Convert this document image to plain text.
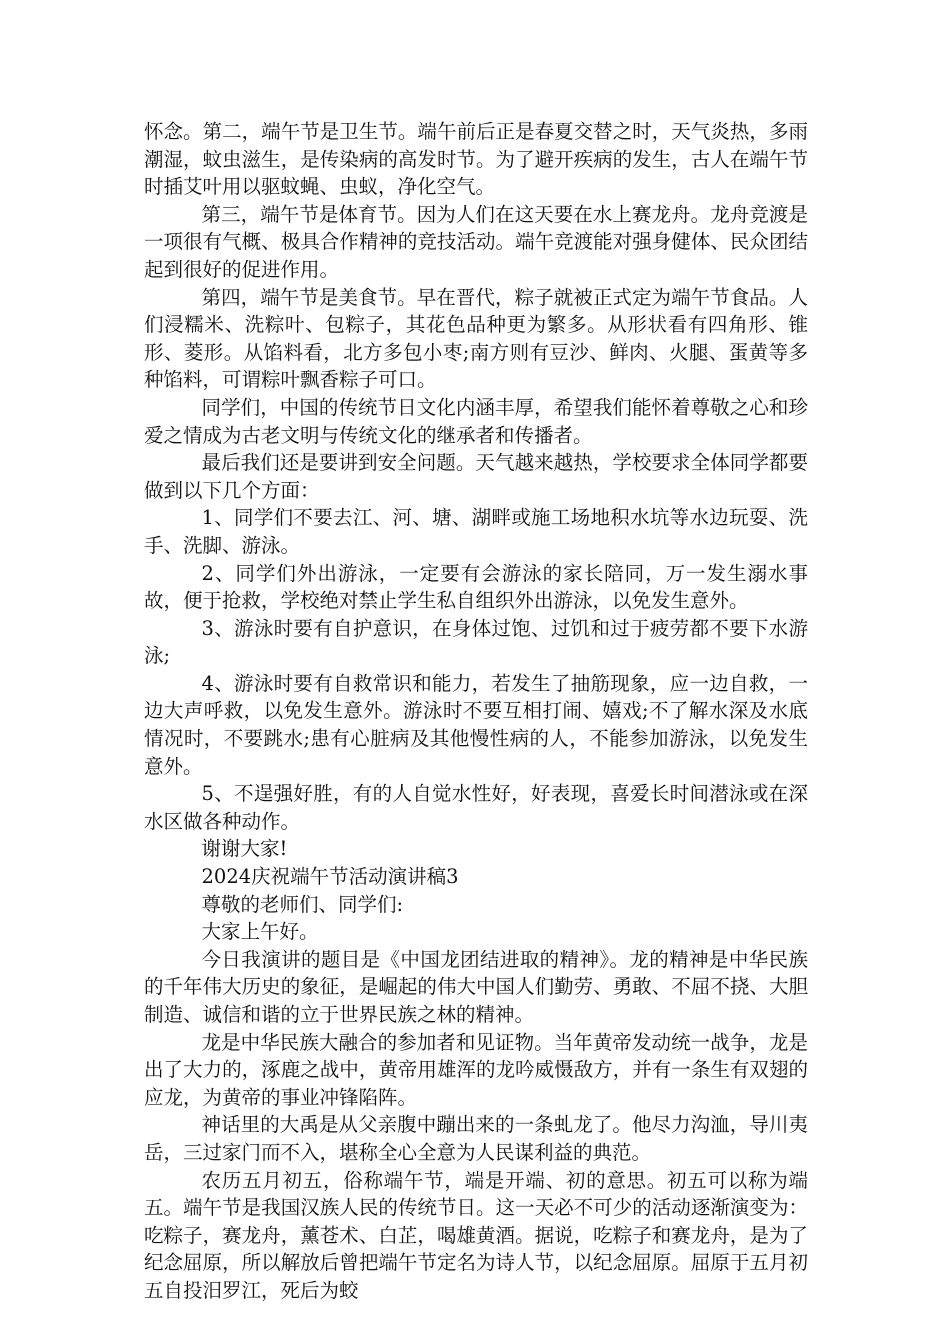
怀念。第二，端午节是卫生节。端午前后正是春夏交替之时，天气炎热，多雨潮湿，蚊虫滋生，是传染病的高发时节。为了避开疾病的发生，古人在端午节时插艾叶用以驱蚊蝇、虫蚁，净化空气。

第三，端午节是体育节。因为人们在这天要在水上赛龙舟。龙舟竞渡是一项很有气概、极具合作精神的竞技活动。端午竞渡能对强身健体、民众团结起到很好的促进作用。

第四，端午节是美食节。早在晋代，粽子就被正式定为端午节食品。人们浸糯米、洗粽叶、包粽子，其花色品种更为繁多。从形状看有四角形、锥形、菱形。从馅料看，北方多包小枣;南方则有豆沙、鲜肉、火腿、蛋黄等多种馅料，可谓粽叶飘香粽子可口。

同学们，中国的传统节日文化内涵丰厚，希望我们能怀着尊敬之心和珍爱之情成为古老文明与传统文化的继承者和传播者。

最后我们还是要讲到安全问题。天气越来越热，学校要求全体同学都要做到以下几个方面：

1、同学们不要去江、河、塘、湖畔或施工场地积水坑等水边玩耍、洗手、洗脚、游泳。

2、同学们外出游泳，一定要有会游泳的家长陪同，万一发生溺水事故，便于抢救，学校绝对禁止学生私自组织外出游泳，以免发生意外。

3、游泳时要有自护意识，在身体过饱、过饥和过于疲劳都不要下水游泳;

4、游泳时要有自救常识和能力，若发生了抽筋现象，应一边自救，一边大声呼救，以免发生意外。游泳时不要互相打闹、嬉戏;不了解水深及水底情况时，不要跳水;患有心脏病及其他慢性病的人，不能参加游泳，以免发生意外。

5、不逞强好胜，有的人自觉水性好，好表现，喜爱长时间潜泳或在深水区做各种动作。

谢谢大家!

2024庆祝端午节活动演讲稿3

尊敬的老师们、同学们:

大家上午好。

今日我演讲的题目是《中国龙团结进取的精神》。龙的精神是中华民族的千年伟大历史的象征，是崛起的伟大中国人们勤劳、勇敢、不屈不挠、大胆制造、诚信和谐的立于世界民族之林的精神。

龙是中华民族大融合的参加者和见证物。当年黄帝发动统一战争，龙是出了大力的，涿鹿之战中，黄帝用雄浑的龙吟威慑敌方，并有一条生有双翅的应龙，为黄帝的事业冲锋陷阵。

神话里的大禹是从父亲腹中蹦出来的一条虬龙了。他尽力沟洫，导川夷岳，三过家门而不入，堪称全心全意为人民谋利益的典范。

农历五月初五，俗称端午节，端是开端、初的意思。初五可以称为端五。端午节是我国汉族人民的传统节日。这一天必不可少的活动逐渐演变为：吃粽子，赛龙舟，薰苍术、白芷，喝雄黄酒。据说，吃粽子和赛龙舟，是为了纪念屈原，所以解放后曾把端午节定名为诗人节，以纪念屈原。屈原于五月初五自投汨罗江，死后为蛟
